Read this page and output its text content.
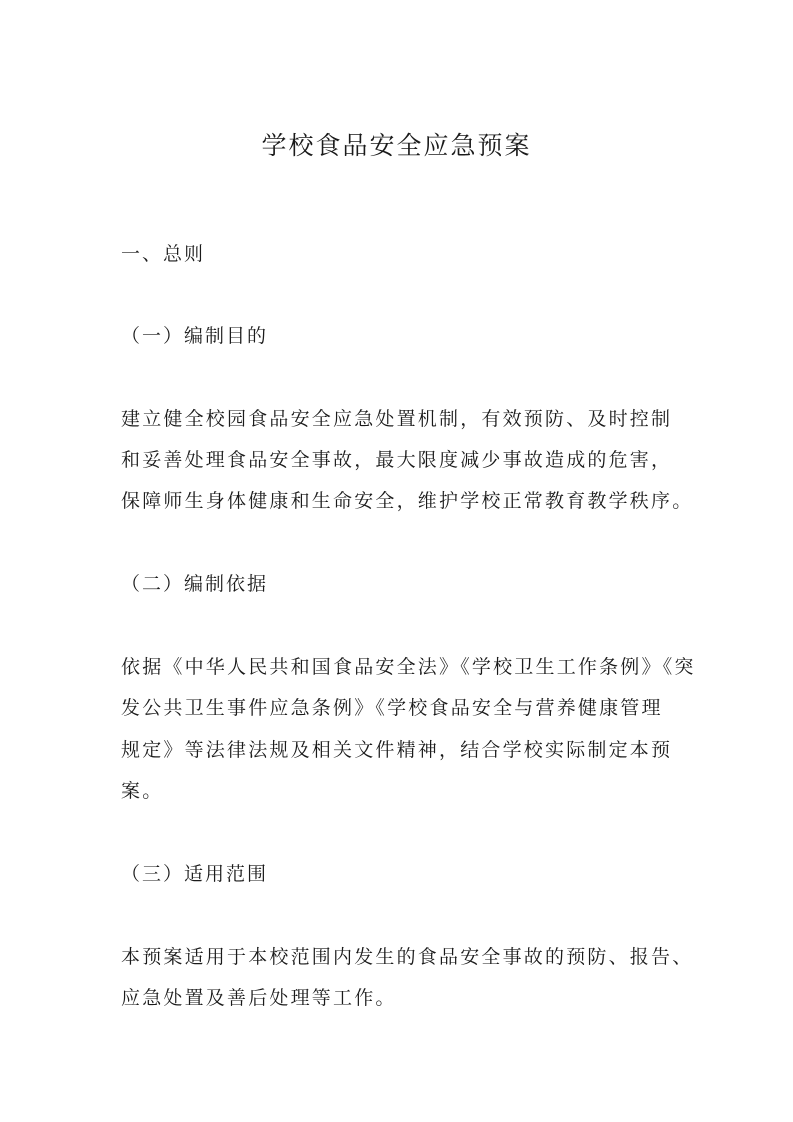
学校食品安全应急预案
一、总则
（一）编制目的
建立健全校园食品安全应急处置机制，有效预防、及时控制
和妥善处理食品安全事故，最大限度减少事故造成的危害，
保障师生身体健康和生命安全，维护学校正常教育教学秩序。
（二）编制依据
依据《中华人民共和国食品安全法》《学校卫生工作条例》《突
发公共卫生事件应急条例》《学校食品安全与营养健康管理
规定》等法律法规及相关文件精神，结合学校实际制定本预
案。
（三）适用范围
本预案适用于本校范围内发生的食品安全事故的预防、报告、
应急处置及善后处理等工作。
